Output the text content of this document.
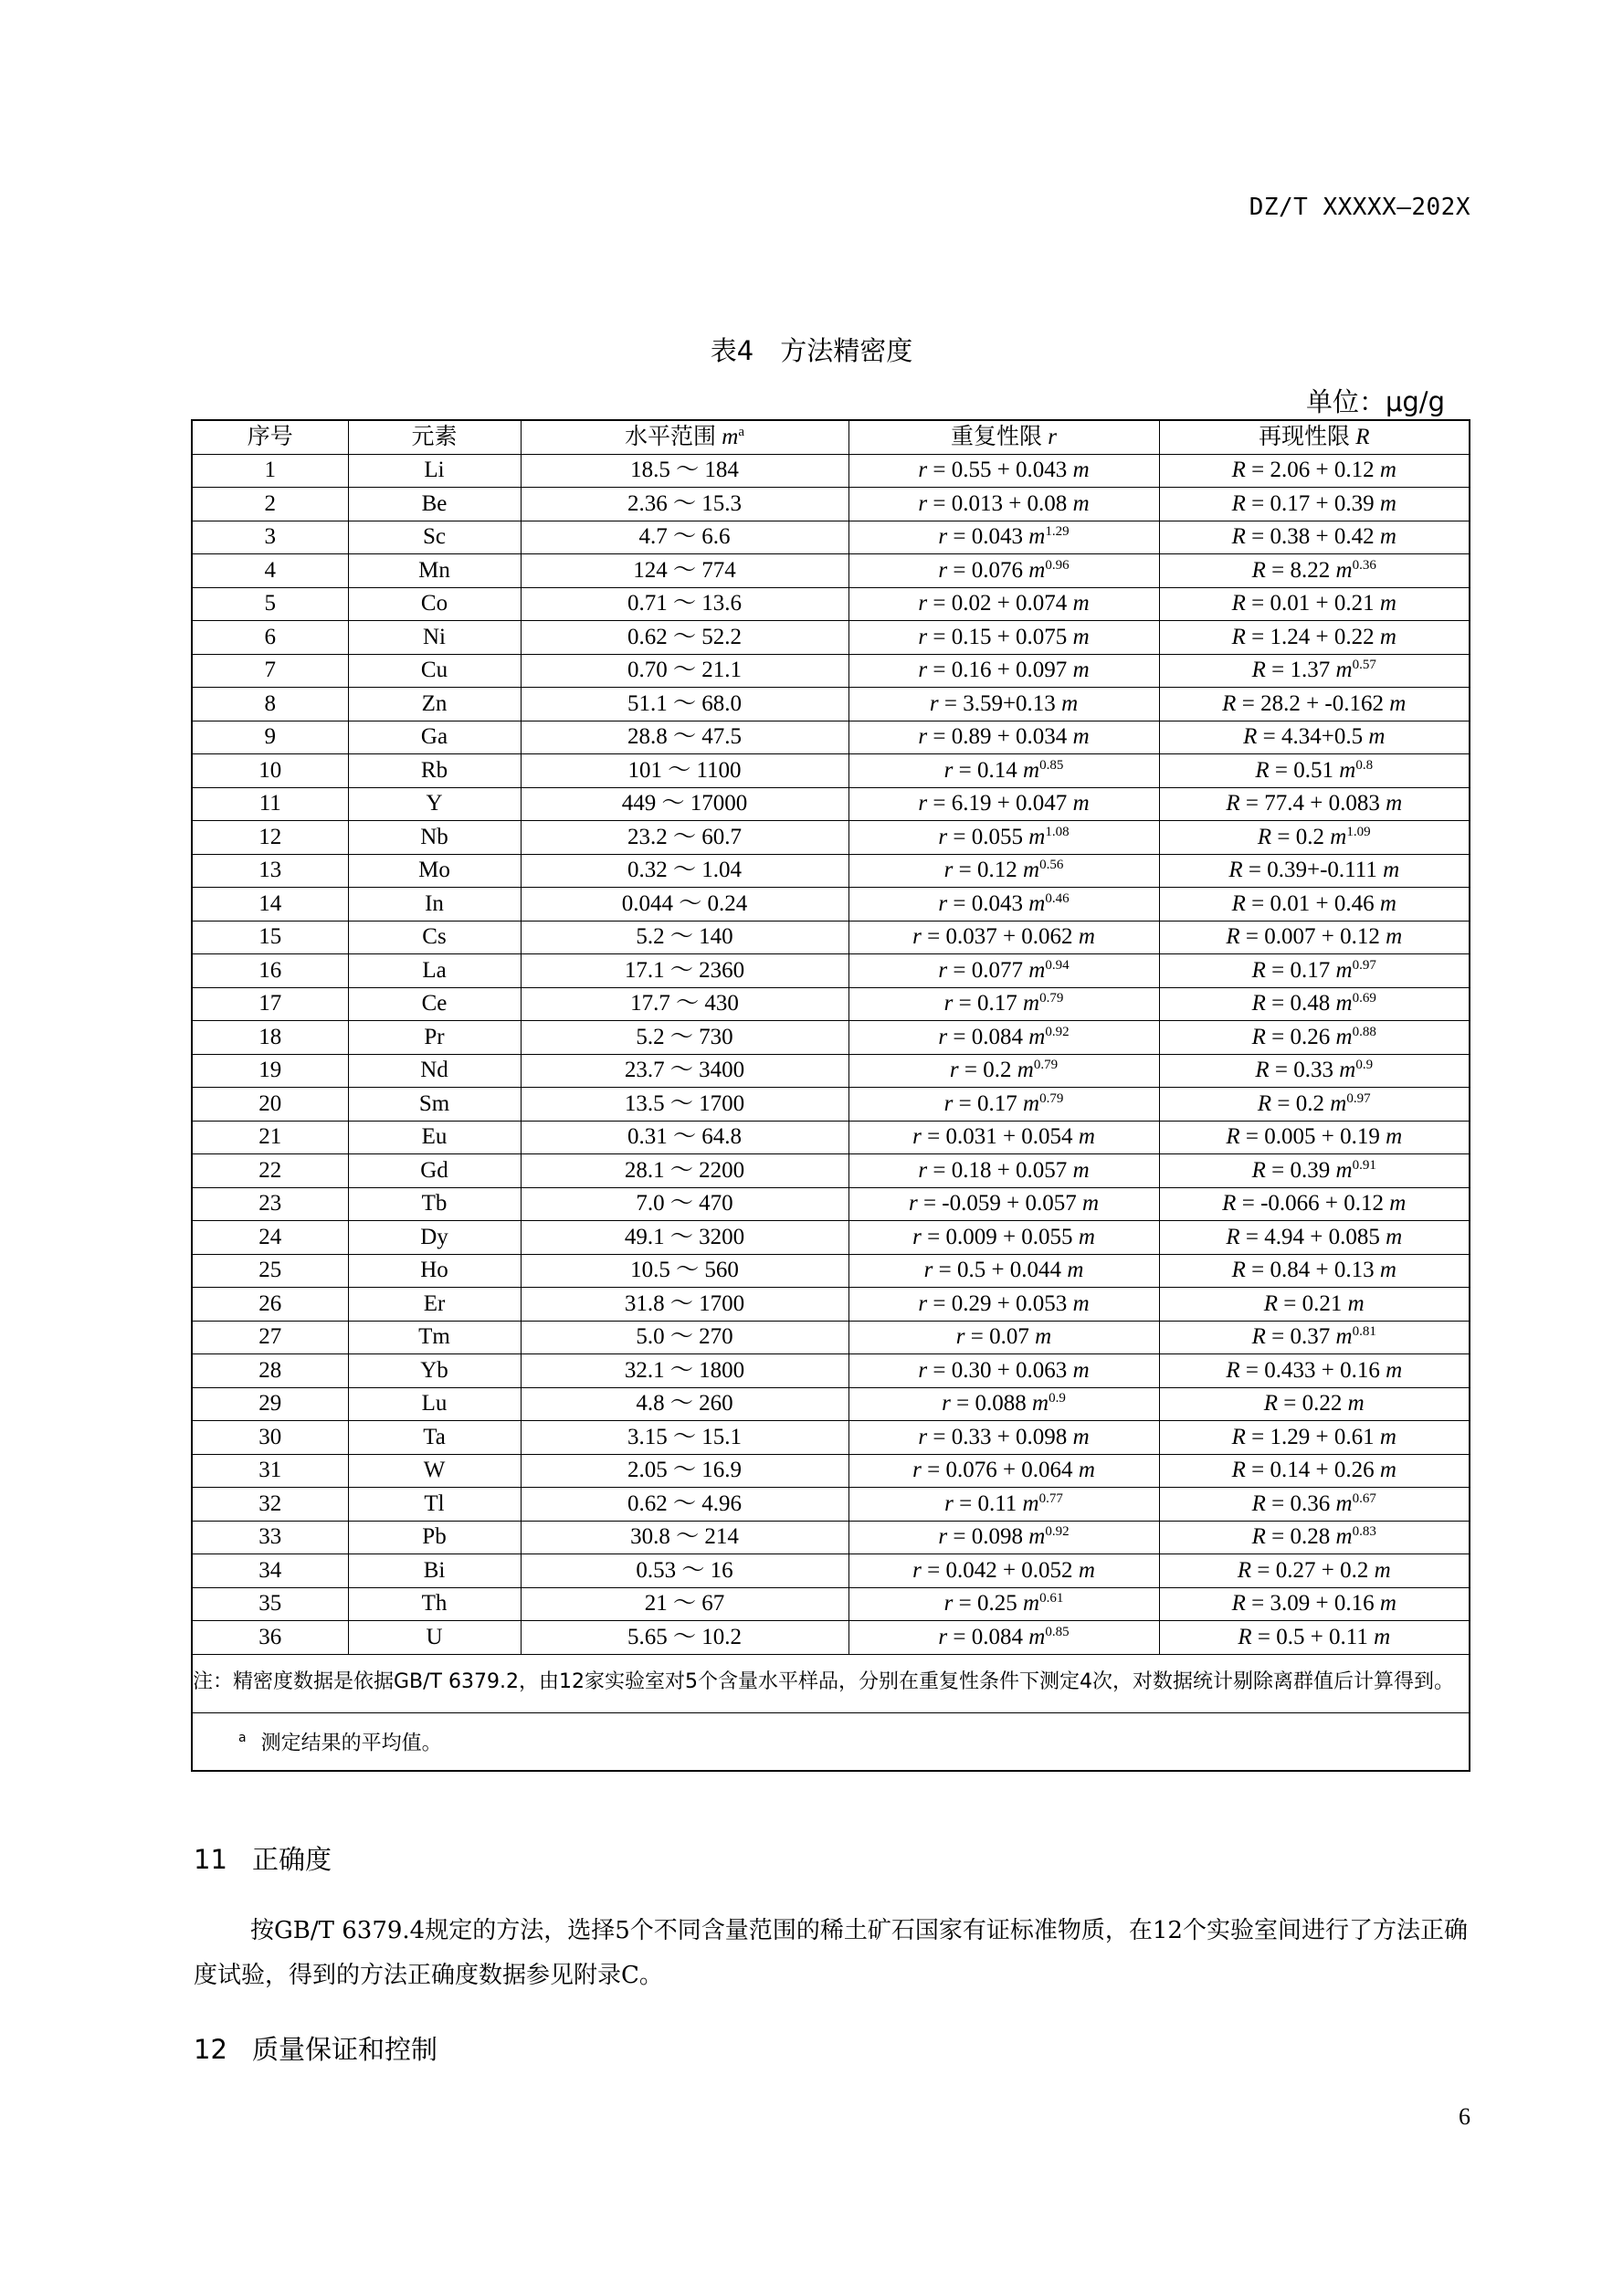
DZ/T XXXXX—202X
表4　方法精密度
单位：μg/g
序号	元素	水平范围 $m^a$	重复性限 r	再现性限 R
1	Li	18.5 ～ 184	r = 0.55 + 0.043 m	R = 2.06 + 0.12 m
2	Be	2.36 ～ 15.3	r = 0.013 + 0.08 m	R = 0.17 + 0.39 m
3	Sc	4.7 ～ 6.6	r = 0.043 $m^{1.29}$	R = 0.38 + 0.42 m
4	Mn	124 ～ 774	r = 0.076 $m^{0.96}$	R = 8.22 $m^{0.36}$
5	Co	0.71 ～ 13.6	r = 0.02 + 0.074 m	R = 0.01 + 0.21 m
6	Ni	0.62 ～ 52.2	r = 0.15 + 0.075 m	R = 1.24 + 0.22 m
7	Cu	0.70 ～ 21.1	r = 0.16 + 0.097 m	R = 1.37 $m^{0.57}$
8	Zn	51.1 ～ 68.0	r = 3.59+0.13 m	R = 28.2 + -0.162 m
9	Ga	28.8 ～ 47.5	r = 0.89 + 0.034 m	R = 4.34+0.5 m
10	Rb	101 ～ 1100	r = 0.14 $m^{0.85}$	R = 0.51 $m^{0.8}$
11	Y	449 ～ 17000	r = 6.19 + 0.047 m	R = 77.4 + 0.083 m
12	Nb	23.2 ～ 60.7	r = 0.055 $m^{1.08}$	R = 0.2 $m^{1.09}$
13	Mo	0.32 ～ 1.04	r = 0.12 $m^{0.56}$	R = 0.39+-0.111 m
14	In	0.044 ～ 0.24	r = 0.043 $m^{0.46}$	R = 0.01 + 0.46 m
15	Cs	5.2 ～ 140	r = 0.037 + 0.062 m	R = 0.007 + 0.12 m
16	La	17.1 ～ 2360	r = 0.077 $m^{0.94}$	R = 0.17 $m^{0.97}$
17	Ce	17.7 ～ 430	r = 0.17 $m^{0.79}$	R = 0.48 $m^{0.69}$
18	Pr	5.2 ～ 730	r = 0.084 $m^{0.92}$	R = 0.26 $m^{0.88}$
19	Nd	23.7 ～ 3400	r = 0.2 $m^{0.79}$	R = 0.33 $m^{0.9}$
20	Sm	13.5 ～ 1700	r = 0.17 $m^{0.79}$	R = 0.2 $m^{0.97}$
21	Eu	0.31 ～ 64.8	r = 0.031 + 0.054 m	R = 0.005 + 0.19 m
22	Gd	28.1 ～ 2200	r = 0.18 + 0.057 m	R = 0.39 $m^{0.91}$
23	Tb	7.0 ～ 470	r = -0.059 + 0.057 m	R = -0.066 + 0.12 m
24	Dy	49.1 ～ 3200	r = 0.009 + 0.055 m	R = 4.94 + 0.085 m
25	Ho	10.5 ～ 560	r = 0.5 + 0.044 m	R = 0.84 + 0.13 m
26	Er	31.8 ～ 1700	r = 0.29 + 0.053 m	R = 0.21 m
27	Tm	5.0 ～ 270	r = 0.07 m	R = 0.37 $m^{0.81}$
28	Yb	32.1 ～ 1800	r = 0.30 + 0.063 m	R = 0.433 + 0.16 m
29	Lu	4.8 ～ 260	r = 0.088 $m^{0.9}$	R = 0.22 m
30	Ta	3.15 ～ 15.1	r = 0.33 + 0.098 m	R = 1.29 + 0.61 m
31	W	2.05 ～ 16.9	r = 0.076 + 0.064 m	R = 0.14 + 0.26 m
32	Tl	0.62 ～ 4.96	r = 0.11 $m^{0.77}$	R = 0.36 $m^{0.67}$
33	Pb	30.8 ～ 214	r = 0.098 $m^{0.92}$	R = 0.28 $m^{0.83}$
34	Bi	0.53 ～ 16	r = 0.042 + 0.052 m	R = 0.27 + 0.2 m
35	Th	21 ～ 67	r = 0.25 $m^{0.61}$	R = 3.09 + 0.16 m
36	U	5.65 ～ 10.2	r = 0.084 $m^{0.85}$	R = 0.5 + 0.11 m
注：精密度数据是依据GB/T 6379.2，由12家实验室对5个含量水平样品，分别在重复性条件下测定4次，对数据统计剔除离群值后计算得到。				
$^a$ 测定结果的平均值。				
11 正确度
按GB/T 6379.4规定的方法，选择5个不同含量范围的稀土矿石国家有证标准物质，在12个实验室间进行了方法正确度试验，得到的方法正确度数据参见附录C。
12 质量保证和控制
6
